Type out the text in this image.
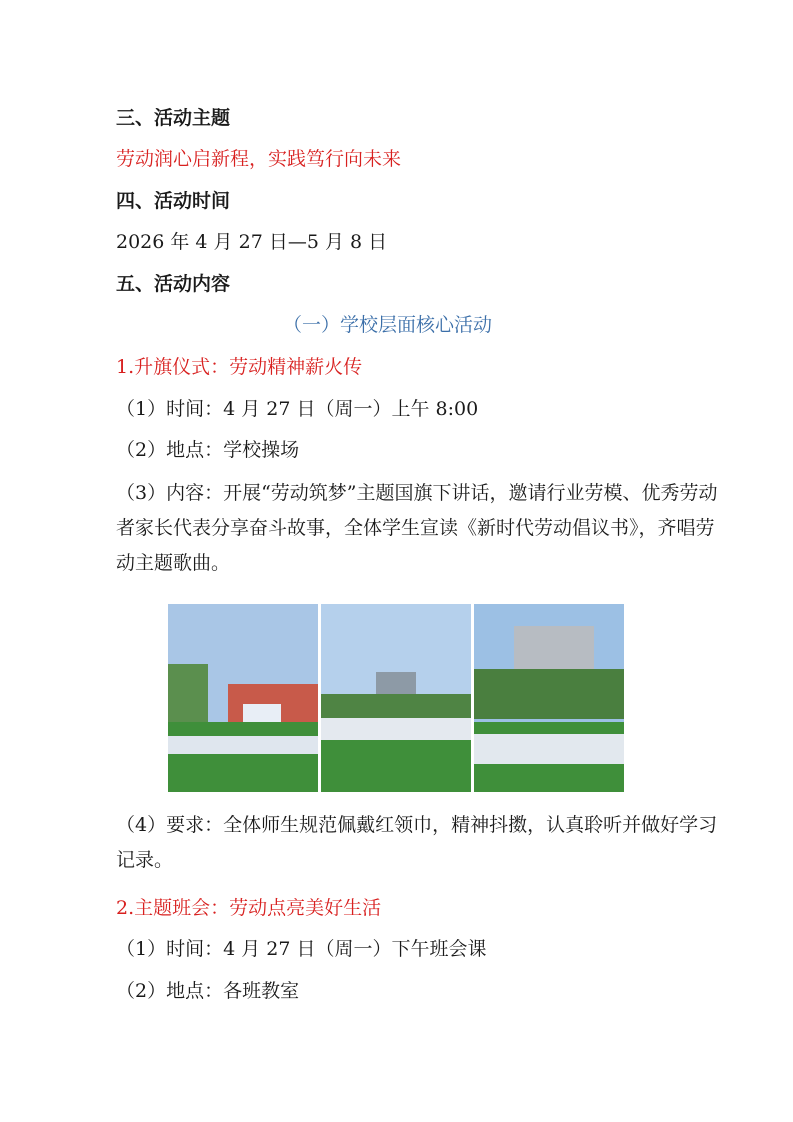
三、活动主题
劳动润心启新程，实践笃行向未来
四、活动时间
2026 年 4 月 27 日—5 月 8 日
五、活动内容
（一）学校层面核心活动
1.升旗仪式：劳动精神薪火传
（1）时间：4 月 27 日（周一）上午 8:00
（2）地点：学校操场
（3）内容：开展“劳动筑梦”主题国旗下讲话，邀请行业劳模、优秀劳动者家长代表分享奋斗故事，全体学生宣读《新时代劳动倡议书》，齐唱劳动主题歌曲。
（4）要求：全体师生规范佩戴红领巾，精神抖擞，认真聆听并做好学习记录。
2.主题班会：劳动点亮美好生活
（1）时间：4 月 27 日（周一）下午班会课
（2）地点：各班教室
